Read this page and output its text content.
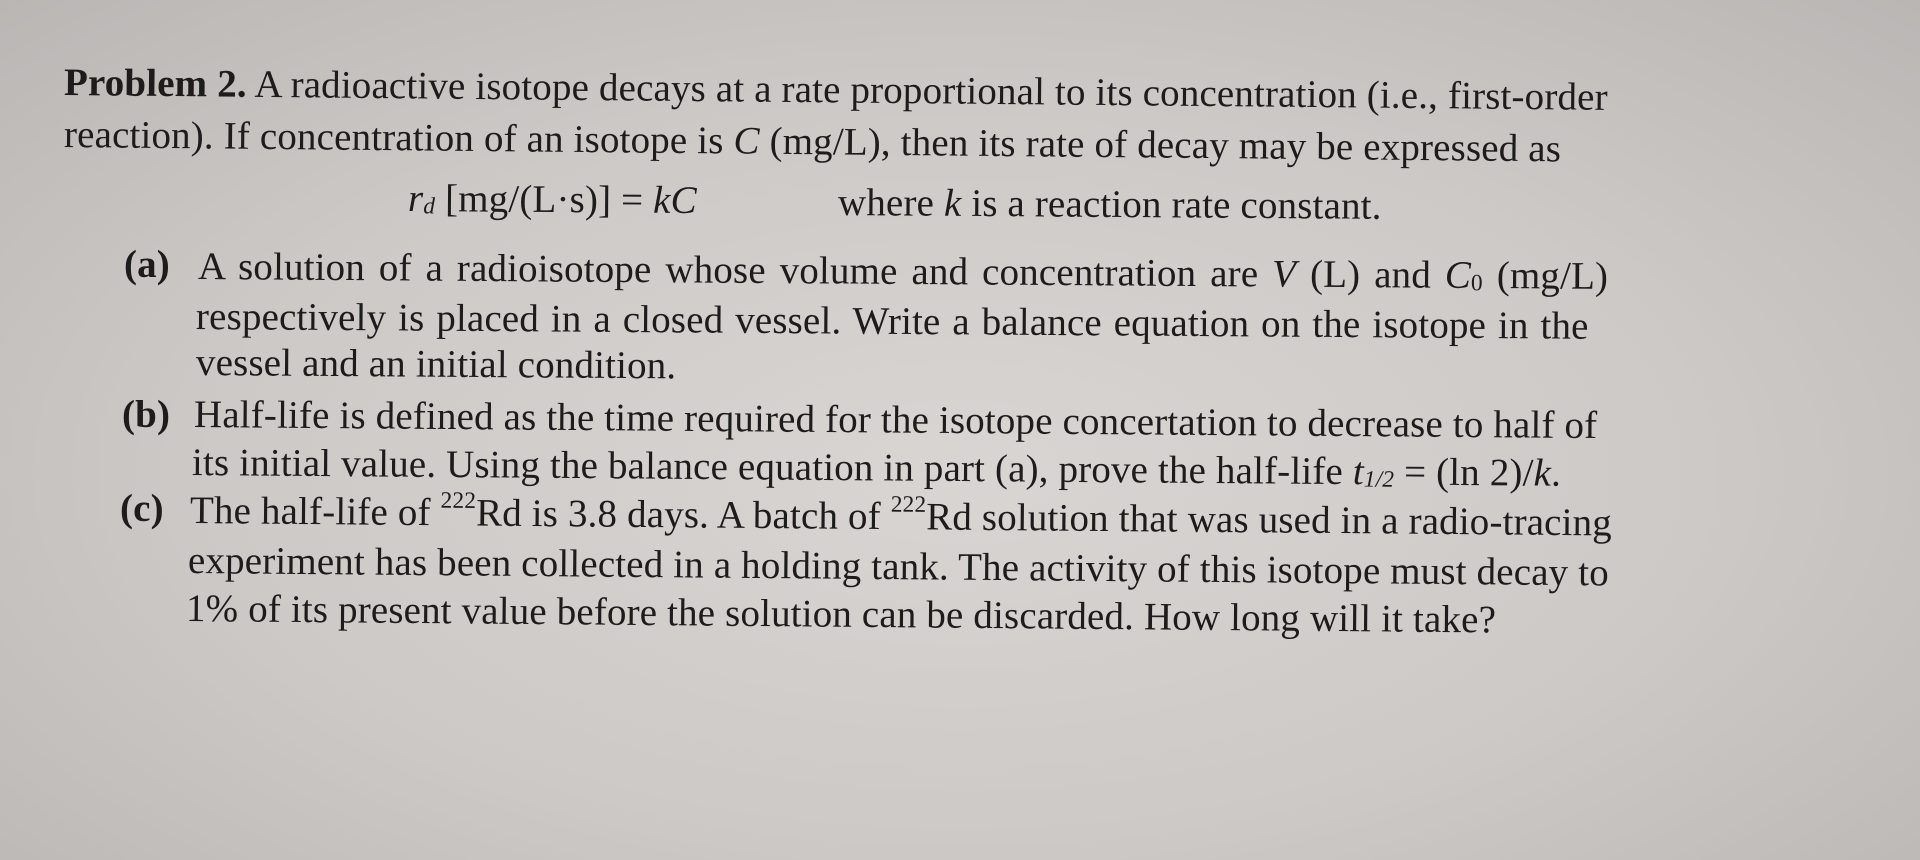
Problem 2. A radioactive isotope decays at a rate proportional to its concentration (i.e., first-order
reaction). If concentration of an isotope is C (mg/L), then its rate of decay may be expressed as
$r_d$ [mg/(L·s)] = kC	where k is a reaction rate constant.
(a) A solution of a radioisotope whose volume and concentration are V (L) and $C_0$ (mg/L)
respectively is placed in a closed vessel. Write a balance equation on the isotope in the
vessel and an initial condition.
(b) Half-life is defined as the time required for the isotope concertation to decrease to half of
its initial value. Using the balance equation in part (a), prove the half-life $t_{1/2} = (\ln$ 2)/k.
(c) The half-life of $^{222}$Rd is 3.8 days. A batch of $^{222}$Rd solution that was used in a radio-tracing
experiment has been collected in a holding tank. The activity of this isotope must decay to
1% of its present value before the solution can be discarded. How long will it take?
